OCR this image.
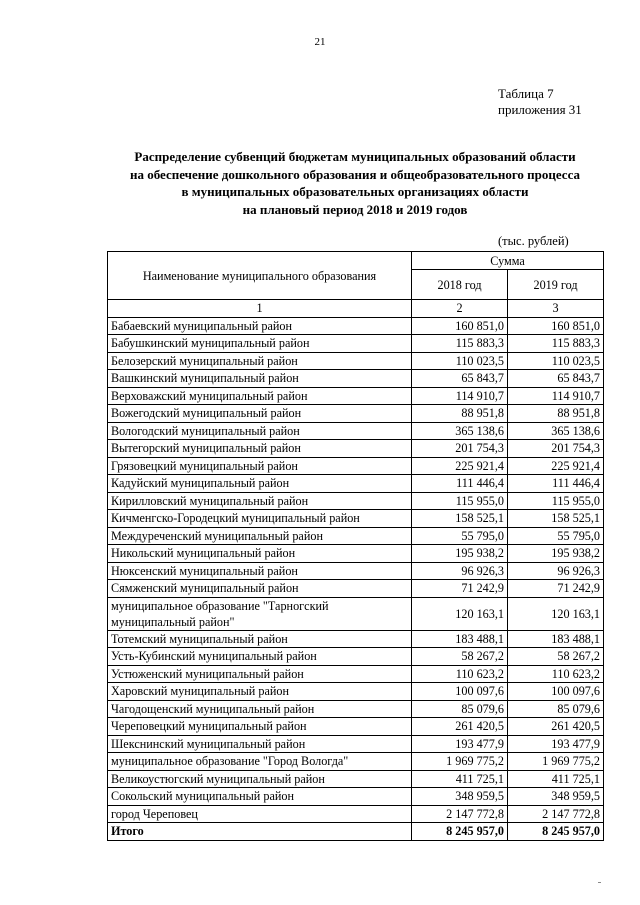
21
Таблица 7
приложения 31
Распределение субвенций бюджетам муниципальных образований области
на обеспечение дошкольного образования и общеобразовательного процесса
в муниципальных образовательных организациях области
на плановый период 2018 и 2019 годов
(тыс. рублей)
Наименование муниципального образования	Сумма	
	2018 год	2019 год
1	2	3
Бабаевский муниципальный район	160 851,0	160 851,0
Бабушкинский муниципальный район	115 883,3	115 883,3
Белозерский муниципальный район	110 023,5	110 023,5
Вашкинский муниципальный район	65 843,7	65 843,7
Верховажский муниципальный район	114 910,7	114 910,7
Вожегодский муниципальный район	88 951,8	88 951,8
Вологодский муниципальный район	365 138,6	365 138,6
Вытегорский муниципальный район	201 754,3	201 754,3
Грязовецкий муниципальный район	225 921,4	225 921,4
Кадуйский муниципальный район	111 446,4	111 446,4
Кирилловский муниципальный район	115 955,0	115 955,0
Кичменгско-Городецкий муниципальный район	158 525,1	158 525,1
Междуреченский муниципальный район	55 795,0	55 795,0
Никольский муниципальный район	195 938,2	195 938,2
Нюксенский муниципальный район	96 926,3	96 926,3
Сямженский муниципальный район	71 242,9	71 242,9
муниципальное образование "Тарногский муниципальный район"	120 163,1	120 163,1
Тотемский муниципальный район	183 488,1	183 488,1
Усть-Кубинский муниципальный район	58 267,2	58 267,2
Устюженский муниципальный район	110 623,2	110 623,2
Харовский муниципальный район	100 097,6	100 097,6
Чагодощенский муниципальный район	85 079,6	85 079,6
Череповецкий муниципальный район	261 420,5	261 420,5
Шекснинский муниципальный район	193 477,9	193 477,9
муниципальное образование "Город Вологда"	1 969 775,2	1 969 775,2
Великоустюгский муниципальный район	411 725,1	411 725,1
Сокольский муниципальный район	348 959,5	348 959,5
город Череповец	2 147 772,8	2 147 772,8
Итого	8 245 957,0	8 245 957,0
